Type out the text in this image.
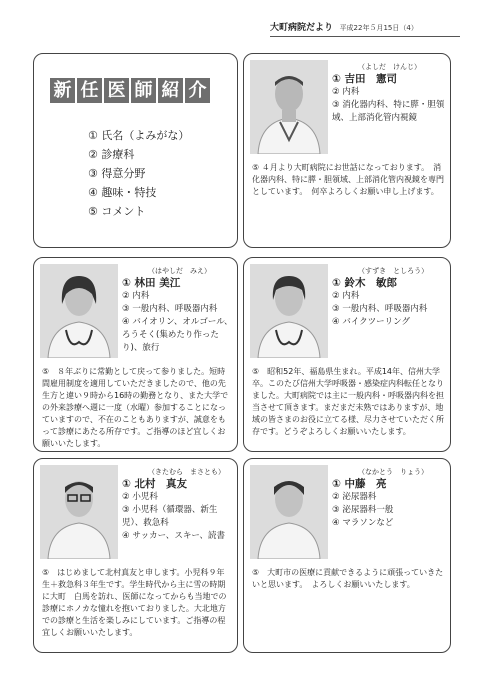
大町病院だより 平成22年５月15日（4）
新 任 医 師 紹 介
① 氏名（よみがな）
② 診療科
③ 得意分野
④ 趣味・特技
⑤ コメント
（よしだ　けんじ）
① 吉田　憲司
② 内科
③ 消化器内科、特に膵・胆領域、上部消化管内視鏡
⑤ ４月より大町病院にお世話になっております。　消化器内科、特に膵・胆領域、上部消化管内視鏡を専門としています。　何卒よろしくお願い申し上げます。
（はやしだ　みえ）
① 林田 美江
② 内科
③ 一般内科、呼吸器内科
④ バイオリン、オルゴール、ろうそく(集めたり作ったり)、旅行
⑤　８年ぶりに常勤として戻って参りました。短時間雇用制度を適用していただきましたので、他の先生方と違い９時から16時の勤務となり、また大学での外来診療へ週に一度（水曜）参加することになっていますので、不在のこともありますが、誠意をもって診療にあたる所存です。ご指導のほど宜しくお願いいたします。
（すずき　としろう）
① 鈴木　敏郎
② 内科
③ 一般内科、呼吸器内科
④ バイクツーリング
⑤　昭和52年、福島県生まれ。平成14年、信州大学卒。このたび信州大学呼吸器・感染症内科転任となりました。大町病院では主に一般内科・呼吸器内科を担当させて頂きます。まだまだ未熟ではありますが、地域の皆さまのお役に立てる様、尽力させていただく所存です。どうぞよろしくお願いいたします。
（きたむら　まさとも）
① 北村　真友
② 小児科
③ 小児科（循環器、新生児）、救急科
④ サッカー、スキー、読書
⑤　はじめまして北村真友と申します。小児科９年生＋救急科３年生です。学生時代から主に雪の時期に大町　白馬を訪れ、医師になってからも当地での診療にホノカな憧れを抱いておりました。大北地方での診療と生活を楽しみにしています。ご指導の程宜しくお願いいたします。
（なかとう　りょう）
① 中藤　亮
② 泌尿器科
③ 泌尿器科一般
④ マラソンなど
⑤　大町市の医療に貢献できるように頑張っていきたいと思います。　よろしくお願いいたします。
